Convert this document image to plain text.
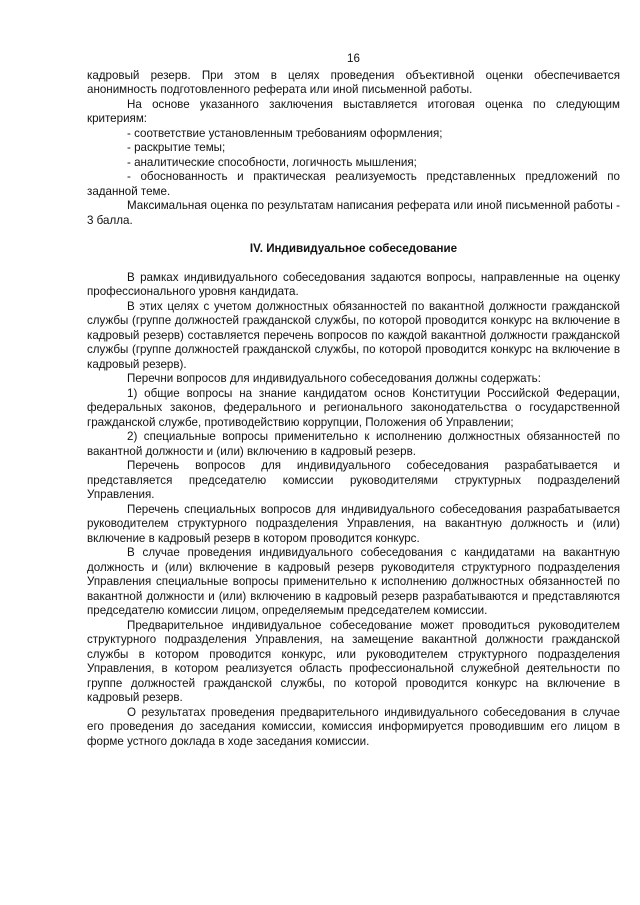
16

кадровый резерв. При этом в целях проведения объективной оценки обеспечивается анонимность подготовленного реферата или иной письменной работы.

На основе указанного заключения выставляется итоговая оценка по следующим критериям:

- соответствие установленным требованиям оформления;

- раскрытие темы;

- аналитические способности, логичность мышления;

- обоснованность и практическая реализуемость представленных предложений по заданной теме.

Максимальная оценка по результатам написания реферата или иной письменной работы - 3 балла.

IV. Индивидуальное собеседование

В рамках индивидуального собеседования задаются вопросы, направленные на оценку профессионального уровня кандидата.

В этих целях с учетом должностных обязанностей по вакантной должности гражданской службы (группе должностей гражданской службы, по которой проводится конкурс на включение в кадровый резерв) составляется перечень вопросов по каждой вакантной должности гражданской службы (группе должностей гражданской службы, по которой проводится конкурс на включение в кадровый резерв).

Перечни вопросов для индивидуального собеседования должны содержать:

1) общие вопросы на знание кандидатом основ Конституции Российской Федерации, федеральных законов, федерального и регионального законодательства о государственной гражданской службе, противодействию коррупции, Положения об Управлении;

2) специальные вопросы применительно к исполнению должностных обязанностей по вакантной должности и (или) включению в кадровый резерв.

Перечень вопросов для индивидуального собеседования разрабатывается и представляется председателю комиссии руководителями структурных подразделений Управления.

Перечень специальных вопросов для индивидуального собеседования разрабатывается руководителем структурного подразделения Управления, на вакантную должность и (или) включение в кадровый резерв в котором проводится конкурс.

В случае проведения индивидуального собеседования с кандидатами на вакантную должность и (или) включение в кадровый резерв руководителя структурного подразделения Управления специальные вопросы применительно к исполнению должностных обязанностей по вакантной должности и (или) включению в кадровый резерв разрабатываются и представляются председателю комиссии лицом, определяемым председателем комиссии.

Предварительное индивидуальное собеседование может проводиться руководителем структурного подразделения Управления, на замещение вакантной должности гражданской службы в котором проводится конкурс, или руководителем структурного подразделения Управления, в котором реализуется область профессиональной служебной деятельности по группе должностей гражданской службы, по которой проводится конкурс на включение в кадровый резерв.

О результатах проведения предварительного индивидуального собеседования в случае его проведения до заседания комиссии, комиссия информируется проводившим его лицом в форме устного доклада в ходе заседания комиссии.
